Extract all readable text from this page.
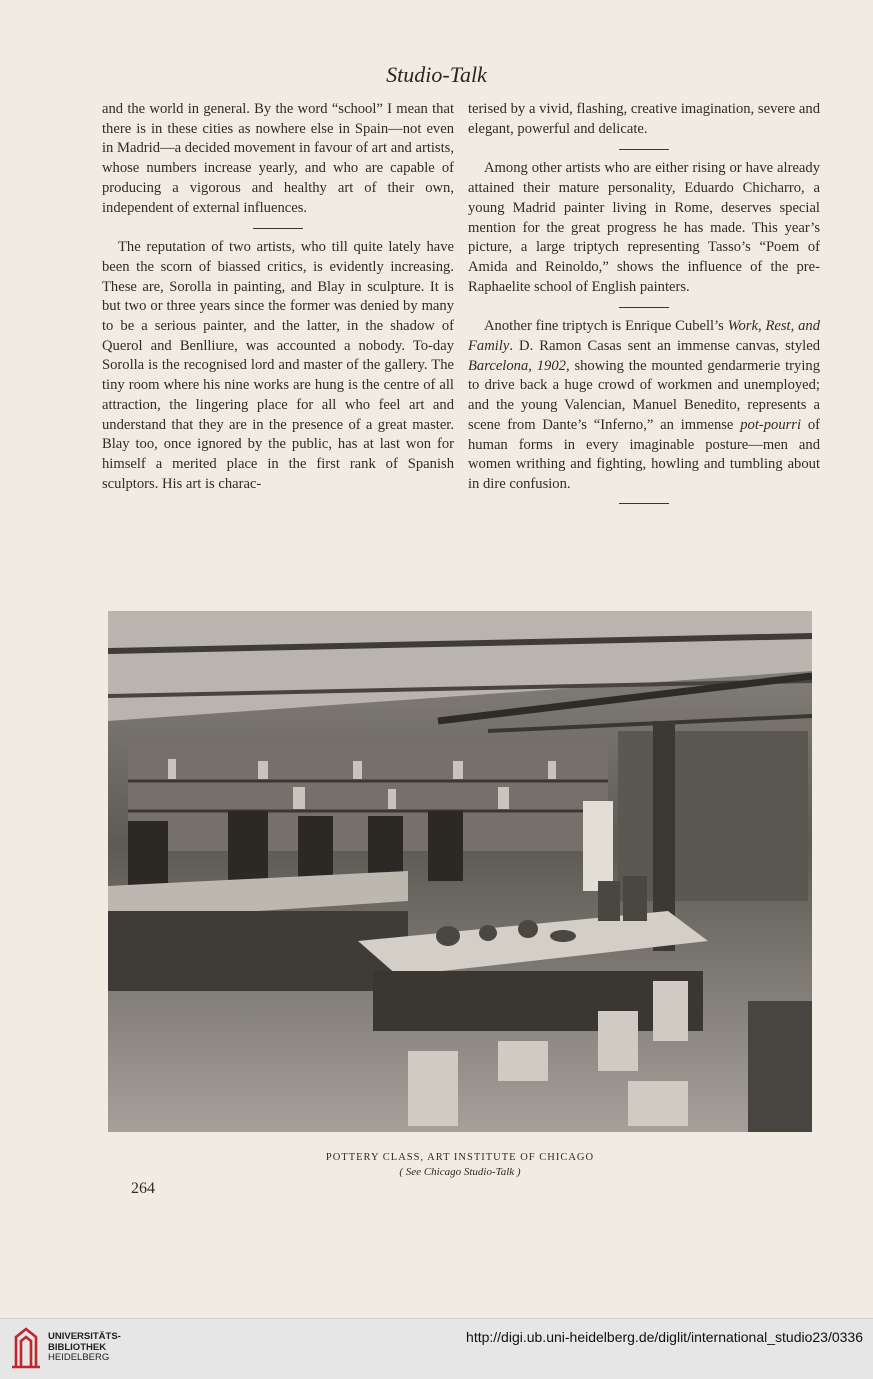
Studio-Talk

and the world in general. By the word “school” I mean that there is in these cities as nowhere else in Spain—not even in Madrid—a decided movement in favour of art and artists, whose numbers increase yearly, and who are capable of producing a vigorous and healthy art of their own, independent of external influences.

The reputation of two artists, who till quite lately have been the scorn of biassed critics, is evidently increasing. These are, Sorolla in painting, and Blay in sculpture. It is but two or three years since the former was denied by many to be a serious painter, and the latter, in the shadow of Querol and Benlliure, was accounted a nobody. To-day Sorolla is the recognised lord and master of the gallery. The tiny room where his nine works are hung is the centre of all attraction, the lingering place for all who feel art and understand that they are in the presence of a great master. Blay too, once ignored by the public, has at last won for himself a merited place in the first rank of Spanish sculptors. His art is charac-

terised by a vivid, flashing, creative imagination, severe and elegant, powerful and delicate.

Among other artists who are either rising or have already attained their mature personality, Eduardo Chicharro, a young Madrid painter living in Rome, deserves special mention for the great progress he has made. This year’s picture, a large triptych representing Tasso’s “Poem of Amida and Reinoldo,” shows the influence of the pre-Raphaelite school of English painters.

Another fine triptych is Enrique Cubell’s Work, Rest, and Family. D. Ramon Casas sent an immense canvas, styled Barcelona, 1902, showing the mounted gendarmerie trying to drive back a huge crowd of workmen and unemployed; and the young Valencian, Manuel Benedito, represents a scene from Dante’s “Inferno,” an immense pot-pourri of human forms in every imaginable posture—men and women writhing and fighting, howling and tumbling about in dire confusion.

POTTERY CLASS, ART INSTITUTE OF CHICAGO
( See Chicago Studio-Talk )
264
UNIVERSITÄTS-
BIBLIOTHEK
HEIDELBERG
http://digi.ub.uni-heidelberg.de/diglit/international_studio23/0336
